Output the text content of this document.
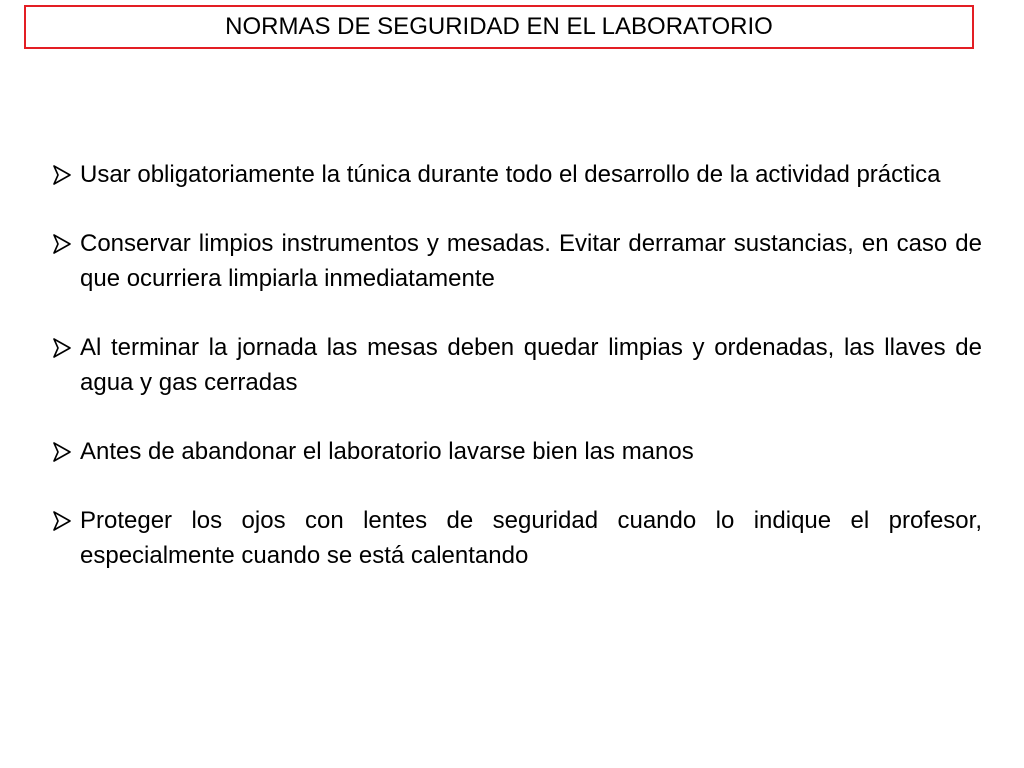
NORMAS DE SEGURIDAD EN EL LABORATORIO
Usar obligatoriamente la túnica durante todo el desarrollo de la actividad práctica
Conservar limpios instrumentos y mesadas. Evitar derramar sustancias, en caso de que ocurriera limpiarla inmediatamente
Al terminar la jornada las mesas deben quedar limpias y ordenadas, las llaves de agua y gas cerradas
Antes de abandonar el laboratorio lavarse bien las manos
Proteger los ojos con lentes de seguridad cuando lo indique el profesor, especialmente cuando se está calentando
